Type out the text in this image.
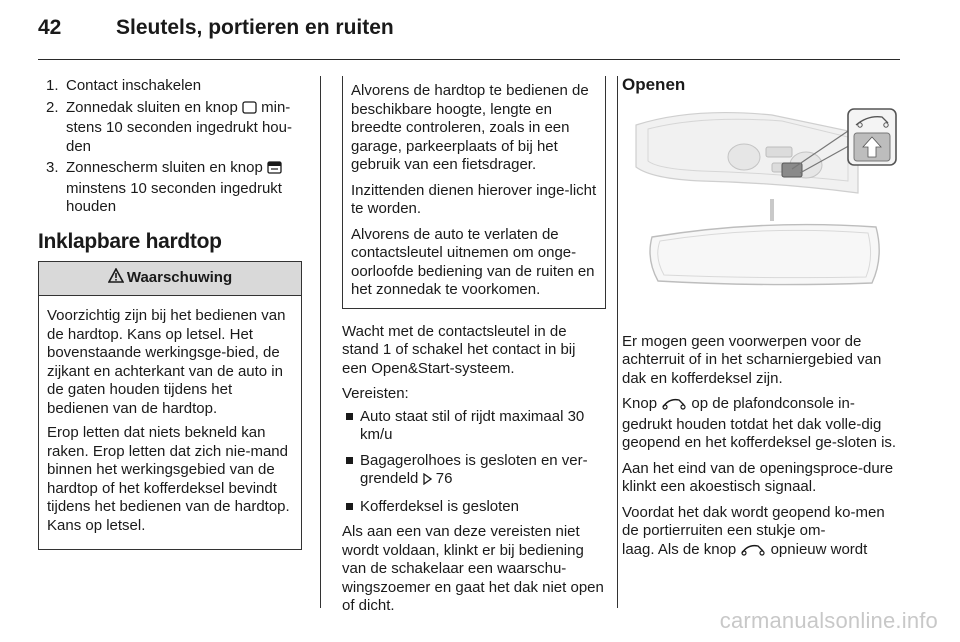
42	Sleutels, portieren en ruiten
1. Contact inschakelen
2. Zonnedak sluiten en knop  min-stens 10 seconden ingedrukt hou-den
3. Zonnescherm sluiten en knop  minstens 10 seconden ingedrukt houden
Inklapbare hardtop
Waarschuwing

Voorzichtig zijn bij het bedienen van de hardtop. Kans op letsel. Het bovenstaande werkingsge-bied, de zijkant en achterkant van de auto in de gaten houden tijdens het bedienen van de hardtop.

Erop letten dat niets bekneld kan raken. Erop letten dat zich nie-mand binnen het werkingsgebied van de hardtop of het kofferdeksel bevindt tijdens het bedienen van de hardtop. Kans op letsel.

Alvorens de hardtop te bedienen de beschikbare hoogte, lengte en breedte controleren, zoals in een garage, parkeerplaats of bij het gebruik van een fietsdrager.

Inzittenden dienen hierover inge-licht te worden.

Alvorens de auto te verlaten de contactsleutel uitnemen om onge-oorloofde bediening van de ruiten en het zonnedak te voorkomen.

Wacht met de contactsleutel in de stand 1 of schakel het contact in bij een Open&Start-systeem.

Vereisten:

Auto staat stil of rijdt maximaal 30 km/u
Bagagerolhoes is gesloten en ver-grendeld 76
Kofferdeksel is gesloten

Als aan een van deze vereisten niet wordt voldaan, klinkt er bij bediening van de schakelaar een waarschu-wingszoemer en gaat het dak niet open of dicht.

Openen

Er mogen geen voorwerpen voor de achterruit of in het scharniergebied van dak en kofferdeksel zijn.

Knop  op de plafondconsole in-gedrukt houden totdat het dak volle-dig geopend en het kofferdeksel ge-sloten is.

Aan het eind van de openingsproce-dure klinkt een akoestisch signaal.

Voordat het dak wordt geopend ko-men de portierruiten een stukje om-
laag. Als de knop  opnieuw wordt

carmanualsonline.info
